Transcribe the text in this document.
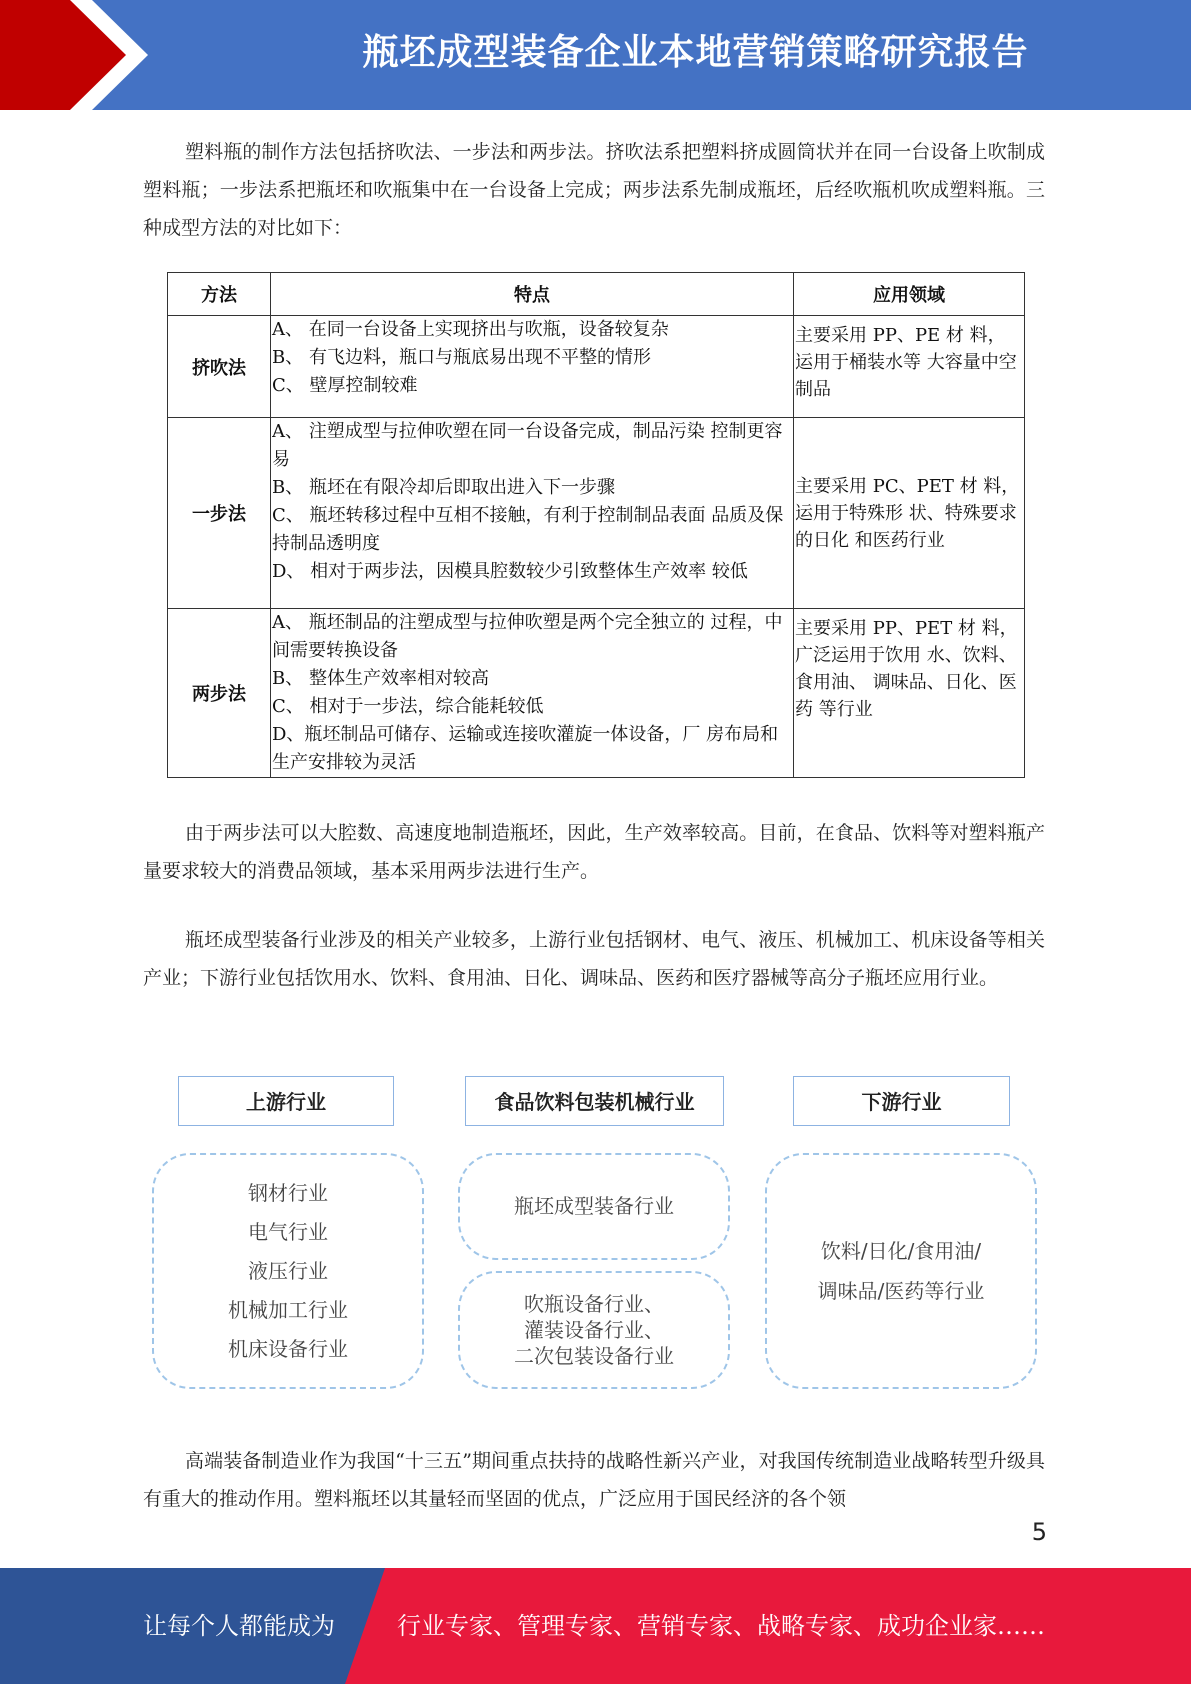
瓶坯成型装备企业本地营销策略研究报告

塑料瓶的制作方法包括挤吹法、一步法和两步法。挤吹法系把塑料挤成圆筒状并在同一台设备上吹制成塑料瓶；一步法系把瓶坯和吹瓶集中在一台设备上完成；两步法系先制成瓶坯，后经吹瓶机吹成塑料瓶。三种成型方法的对比如下：

方法	特点	应用领域
挤吹法	A、 在同一台设备上实现挤出与吹瓶，设备较复杂
B、 有飞边料，瓶口与瓶底易出现不平整的情形
C、 壁厚控制较难	主要采用 PP、PE 材 料，运用于桶装水等 大容量中空制品

一步法	A、 注塑成型与拉伸吹塑在同一台设备完成，制品污染 控制更容易
B、 瓶坯在有限冷却后即取出进入下一步骤
C、 瓶坯转移过程中互相不接触，有利于控制制品表面 品质及保持制品透明度
D、 相对于两步法，因模具腔数较少引致整体生产效率 较低	主要采用 PC、PET 材 料，运用于特殊形 状、特殊要求的日化 和医药行业

两步法	A、 瓶坯制品的注塑成型与拉伸吹塑是两个完全独立的 过程，中间需要转换设备
B、 整体生产效率相对较高
C、 相对于一步法，综合能耗较低
D、瓶坯制品可储存、运输或连接吹灌旋一体设备，厂 房布局和生产安排较为灵活	主要采用 PP、PET 材 料，广泛运用于饮用 水、饮料、食用油、 调味品、日化、医药 等行业

由于两步法可以大腔数、高速度地制造瓶坯，因此，生产效率较高。目前，在食品、饮料等对塑料瓶产量要求较大的消费品领域，基本采用两步法进行生产。

瓶坯成型装备行业涉及的相关产业较多，上游行业包括钢材、电气、液压、机械加工、机床设备等相关产业；下游行业包括饮用水、饮料、食用油、日化、调味品、医药和医疗器械等高分子瓶坯应用行业。

上游行业	食品饮料包装机械行业	下游行业
钢材行业
电气行业
液压行业
机械加工行业
机床设备行业
瓶坯成型装备行业
吹瓶设备行业、
灌装设备行业、
二次包装设备行业
饮料/日化/食用油/
调味品/医药等行业

高端装备制造业作为我国“十三五”期间重点扶持的战略性新兴产业，对我国传统制造业战略转型升级具有重大的推动作用。塑料瓶坯以其量轻而坚固的优点，广泛应用于国民经济的各个领

5
让每个人都能成为	行业专家、管理专家、营销专家、战略专家、成功企业家……
